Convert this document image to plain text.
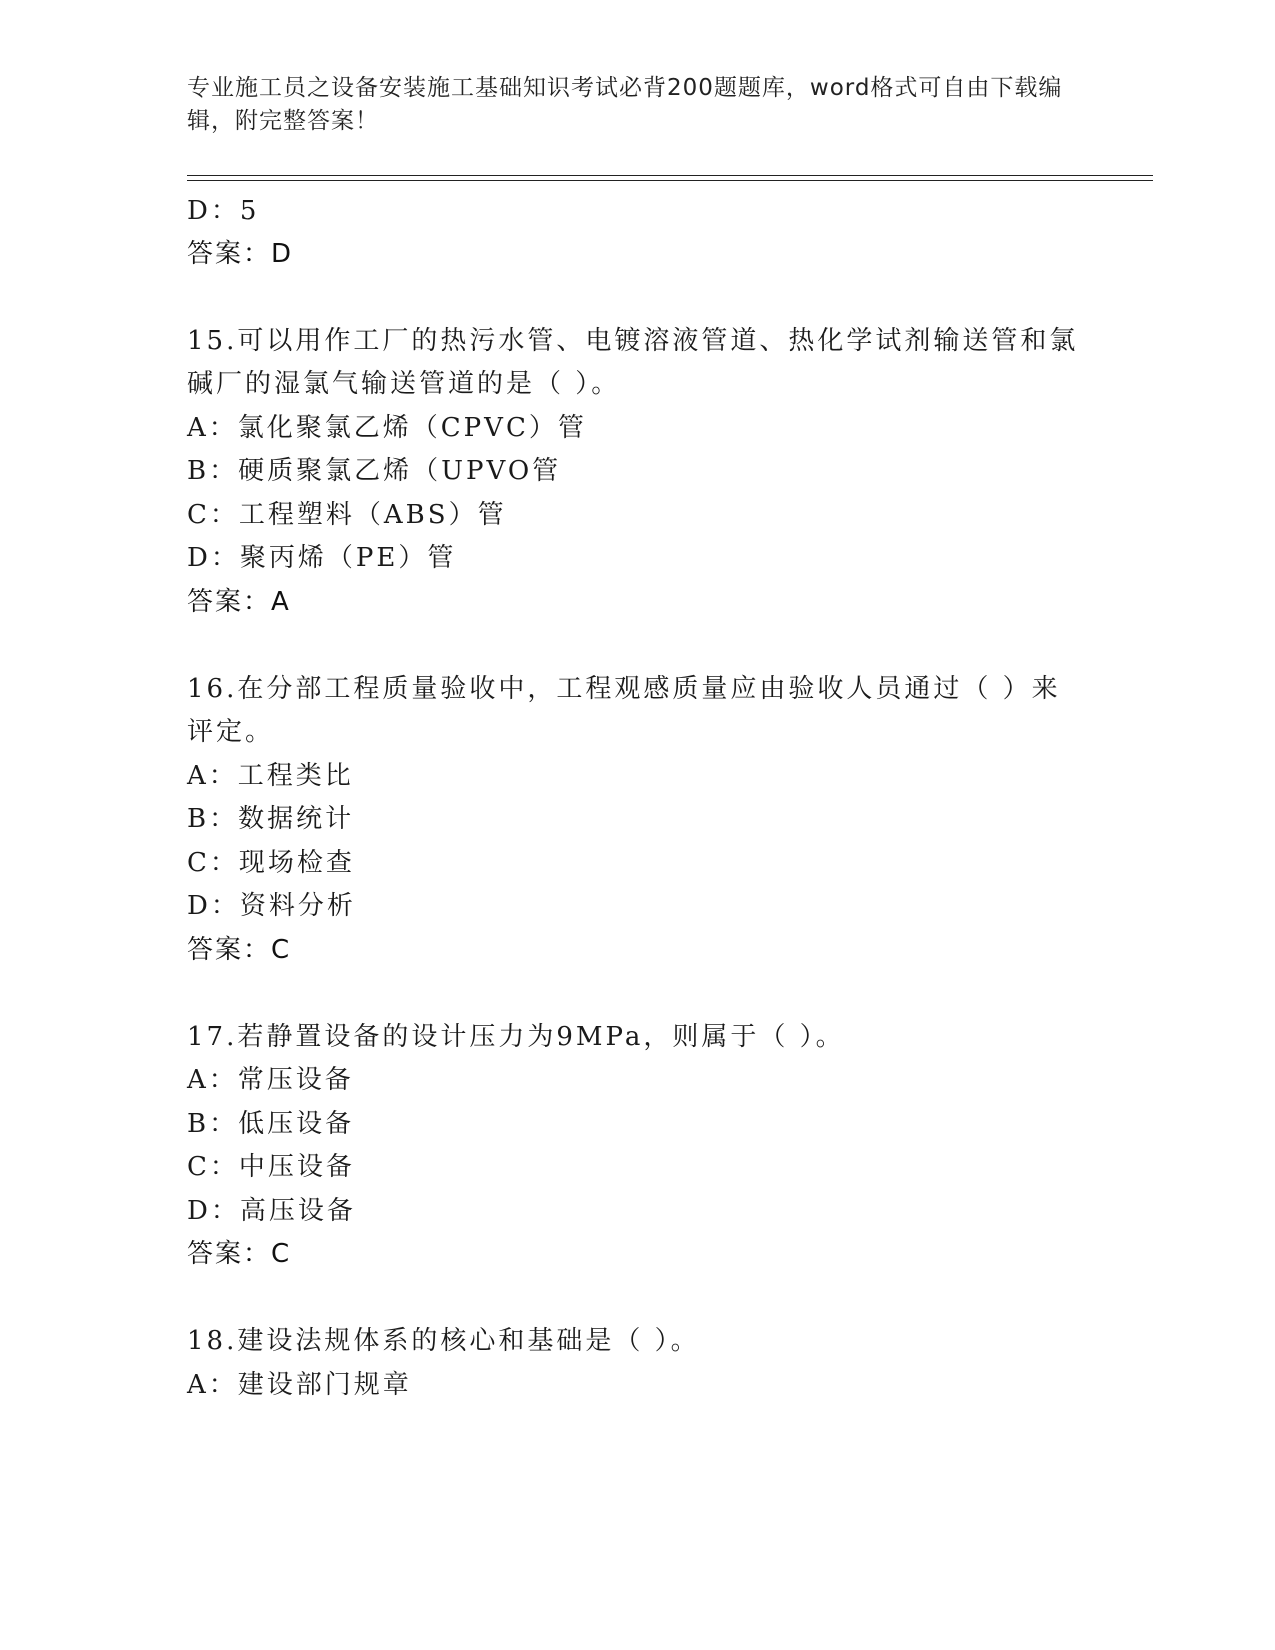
专业施工员之设备安装施工基础知识考试必背200题题库，word格式可自由下载编辑，附完整答案！
D：5
答案：D
15.可以用作工厂的热污水管、电镀溶液管道、热化学试剂输送管和氯
碱厂的湿氯气输送管道的是（ ）。
A：氯化聚氯乙烯（CPVC）管
B：硬质聚氯乙烯（UPVO管
C：工程塑料（ABS）管
D：聚丙烯（PE）管
答案：A
16.在分部工程质量验收中，工程观感质量应由验收人员通过（ ）来
评定。
A：工程类比
B：数据统计
C：现场检查
D：资料分析
答案：C
17.若静置设备的设计压力为9MPa，则属于（ ）。
A：常压设备
B：低压设备
C：中压设备
D：高压设备
答案：C
18.建设法规体系的核心和基础是（ ）。
A：建设部门规章
